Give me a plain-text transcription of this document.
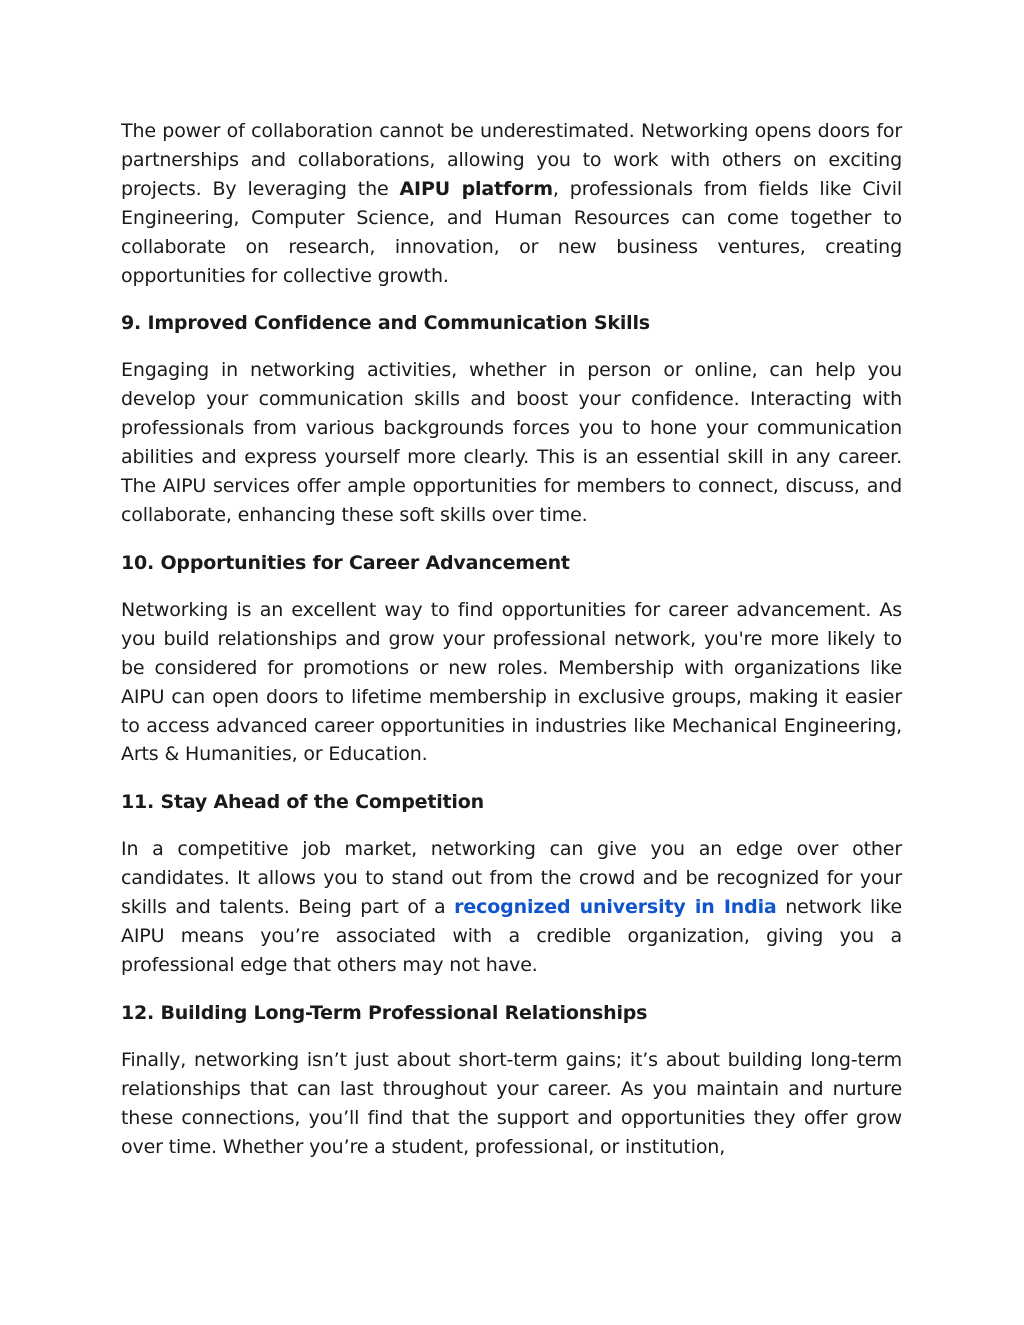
The power of collaboration cannot be underestimated. Networking opens doors for partnerships and collaborations, allowing you to work with others on exciting projects. By leveraging the AIPU platform, professionals from fields like Civil Engineering, Computer Science, and Human Resources can come together to collaborate on research, innovation, or new business ventures, creating opportunities for collective growth.

9. Improved Confidence and Communication Skills

Engaging in networking activities, whether in person or online, can help you develop your communication skills and boost your confidence. Interacting with professionals from various backgrounds forces you to hone your communication abilities and express yourself more clearly. This is an essential skill in any career. The AIPU services offer ample opportunities for members to connect, discuss, and collaborate, enhancing these soft skills over time.

10. Opportunities for Career Advancement

Networking is an excellent way to find opportunities for career advancement. As you build relationships and grow your professional network, you're more likely to be considered for promotions or new roles. Membership with organizations like AIPU can open doors to lifetime membership in exclusive groups, making it easier to access advanced career opportunities in industries like Mechanical Engineering, Arts & Humanities, or Education.

11. Stay Ahead of the Competition

In a competitive job market, networking can give you an edge over other candidates. It allows you to stand out from the crowd and be recognized for your skills and talents. Being part of a recognized university in India network like AIPU means you’re associated with a credible organization, giving you a professional edge that others may not have.

12. Building Long-Term Professional Relationships

Finally, networking isn’t just about short-term gains; it’s about building long-term relationships that can last throughout your career. As you maintain and nurture these connections, you’ll find that the support and opportunities they offer grow over time. Whether you’re a student, professional, or institution,
